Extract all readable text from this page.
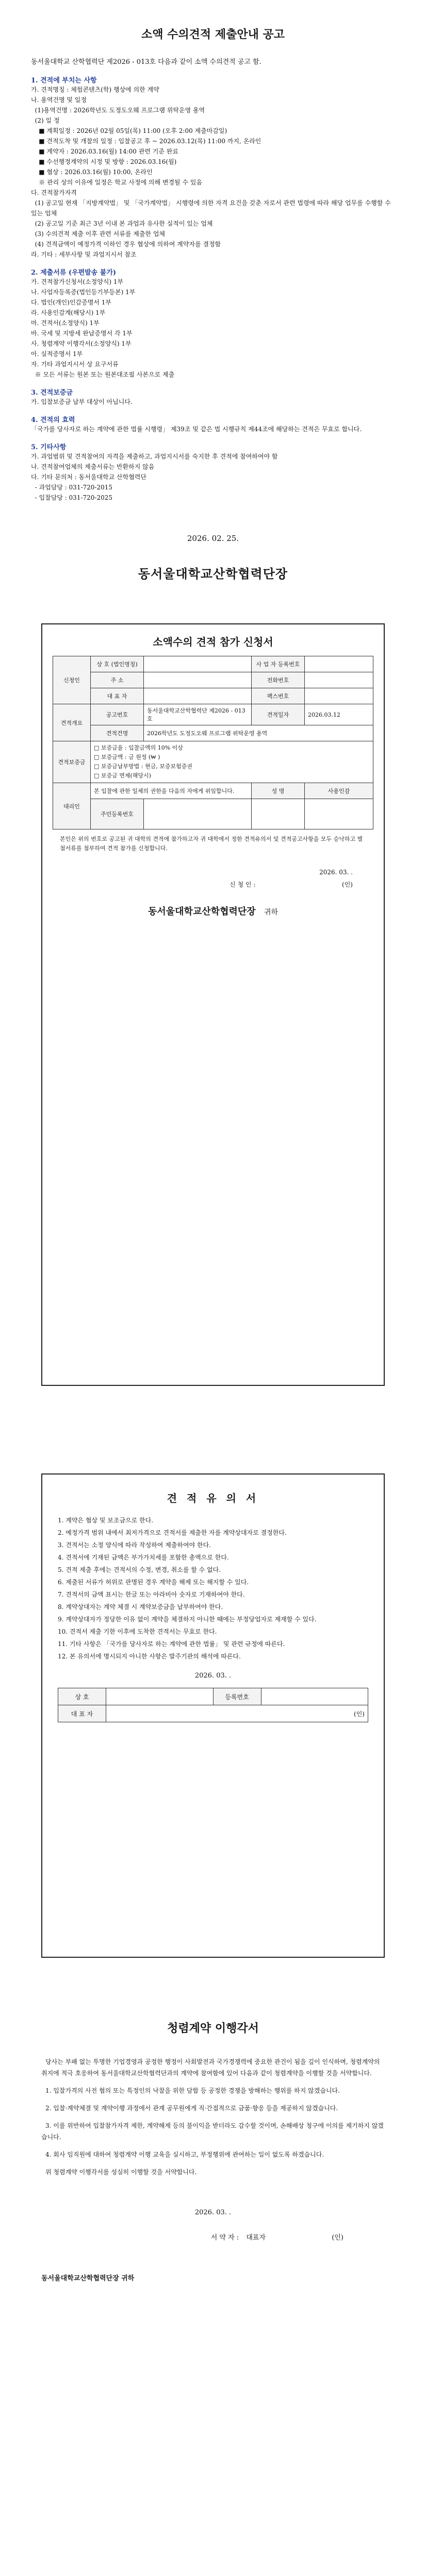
소액 수의견적 제출안내 공고
동서울대학교 산학협력단 제2026 - 013호 다음과 같이 소액 수의견적 공고 함.
1. 견적에 부치는 사항
가. 견적명칭 : 체험콘텐츠(학) 행상에 의한 계약
나. 용역건명 및 일정
(1)용역건명 : 2026학년도 도정도오웨 프로그램 위탁운영 용역
(2) 일 정
■ 계획일정 : 2026년 02월 05일(목) 11:00 (오후 2:00 제출마감일)
■ 견적도착 및 개찰의 일정 : 입찰공고 후 ~ 2026.03.12(목) 11:00 까지, 온라인
■ 계약자 : 2026.03.16(월) 14:00 관련 기준 완료
■ 수선행정계약의 시정 및 방향 : 2026.03.16(월)
■ 협상 : 2026.03.16(월) 10:00, 온라인
※ 관리 상의 이유에 일정은 학교 사정에 의해 변경될 수 있음
다. 견적참가자격
(1) 공고일 현재 「지방계약법」 및 「국가계약법」 시행령에 의한 자격 요건을 갖춘 자로서 관련 법령에 따라 해당 업무를 수행할 수 있는 업체
(2) 공고일 기준 최근 3년 이내 본 과업과 유사한 실적이 있는 업체
(3) 수의견적 제출 이후 관련 서류를 제출한 업체
(4) 견적금액이 예정가격 이하인 경우 협상에 의하여 계약자를 결정함
라. 기타 : 세부사항 및 과업지시서 참조
2. 제출서류 (우편발송 불가)
가. 견적참가신청서(소정양식) 1부
나. 사업자등록증(법인등기부등본) 1부
다. 법인(개인)인감증명서 1부
라. 사용인감계(해당시) 1부
마. 견적서(소정양식) 1부
바. 국세 및 지방세 완납증명서 각 1부
사. 청렴계약 이행각서(소정양식) 1부
아. 실적증명서 1부
자. 기타 과업지시서 상 요구서류
※ 모든 서류는 원본 또는 원본대조필 사본으로 제출
3. 견적보증금
가. 입찰보증금 납부 대상이 아닙니다.
4. 견적의 효력
「국가를 당사자로 하는 계약에 관한 법률 시행령」 제39조 및 같은 법 시행규칙 제44조에 해당하는 견적은 무효로 합니다.
5. 기타사항
가. 과업범위 및 견적참여의 자격을 제출하고, 과업지시서를 숙지한 후 견적에 참여하여야 함
나. 견적참여업체의 제출서류는 반환하지 않음
다. 기타 문의처 : 동서울대학교 산학협력단
- 과업담당 : 031-720-2015
- 입찰담당 : 031-720-2025
2026. 02. 25.
동서울대학교산학협력단장
소액수의 견적 참가 신청서
신청인	상 호 (법인명칭)		사 업 자 등록번호	
	주 소		전화번호	
	대 표 자		팩스번호	
견적개요	공고번호	동서울대학교산학협력단 제2026 - 013호	견적일자	2026.03.12
	견적건명	2026학년도 도정도오웨 프로그램 위탁운영 용역		
견적보증금	□ 보증금율 : 입찰금액의 10% 이상
□ 보증금액 : 금 원정 (₩ )
□ 보증금납부방법 : 현금, 보증보험증권
□ 보증금 면제(해당시)			

대리인	본 입찰에 관한 일체의 권한을 다음의 자에게 위임합니다.		성 명	사용인감
	주민등록번호			
본인은 위의 번호로 공고된 귀 대학의 견적에 참가하고자 귀 대학에서 정한 견적유의서 및 견적공고사항을 모두 승낙하고 별첨서류를 첨부하여 견적 참가를 신청합니다.
2026. 03. .
신 청 인 :	(인)
동서울대학교산학협력단장 귀하
견 적 유 의 서
1. 계약은 협상 및 보조금으로 한다.
2. 예정가격 범위 내에서 최저가격으로 견적서를 제출한 자를 계약상대자로 결정한다.
3. 견적서는 소정 양식에 따라 작성하여 제출하여야 한다.
4. 견적서에 기재된 금액은 부가가치세를 포함한 총액으로 한다.
5. 견적 제출 후에는 견적서의 수정, 변경, 취소를 할 수 없다.
6. 제출된 서류가 허위로 판명된 경우 계약을 해제 또는 해지할 수 있다.
7. 견적서의 금액 표시는 한글 또는 아라비아 숫자로 기재하여야 한다.
8. 계약상대자는 계약 체결 시 계약보증금을 납부하여야 한다.
9. 계약상대자가 정당한 이유 없이 계약을 체결하지 아니한 때에는 부정당업자로 제재할 수 있다.
10. 견적서 제출 기한 이후에 도착한 견적서는 무효로 한다.
11. 기타 사항은 「국가를 당사자로 하는 계약에 관한 법률」 및 관련 규정에 따른다.
12. 본 유의서에 명시되지 아니한 사항은 발주기관의 해석에 따른다.
2026. 03. .
상 호		등록번호	
대 표 자	(인)		
청렴계약 이행각서
당사는 부패 없는 투명한 기업경영과 공정한 행정이 사회발전과 국가경쟁력에 중요한 관건이 됨을 깊이 인식하며, 청렴계약의 취지에 적극 호응하여 동서울대학교산학협력단과의 계약에 참여함에 있어 다음과 같이 청렴계약을 이행할 것을 서약합니다.
1. 입찰가격의 사전 협의 또는 특정인의 낙찰을 위한 담합 등 공정한 경쟁을 방해하는 행위를 하지 않겠습니다.
2. 입찰·계약체결 및 계약이행 과정에서 관계 공무원에게 직·간접적으로 금품·향응 등을 제공하지 않겠습니다.
3. 이를 위반하여 입찰참가자격 제한, 계약해제 등의 불이익을 받더라도 감수할 것이며, 손해배상 청구에 이의를 제기하지 않겠습니다.
4. 회사 임직원에 대하여 청렴계약 이행 교육을 실시하고, 부정행위에 관여하는 일이 없도록 하겠습니다.
위 청렴계약 이행각서를 성실히 이행할 것을 서약합니다.
2026. 03. .
서 약 자 : 대표자	(인)
동서울대학교산학협력단장 귀하
